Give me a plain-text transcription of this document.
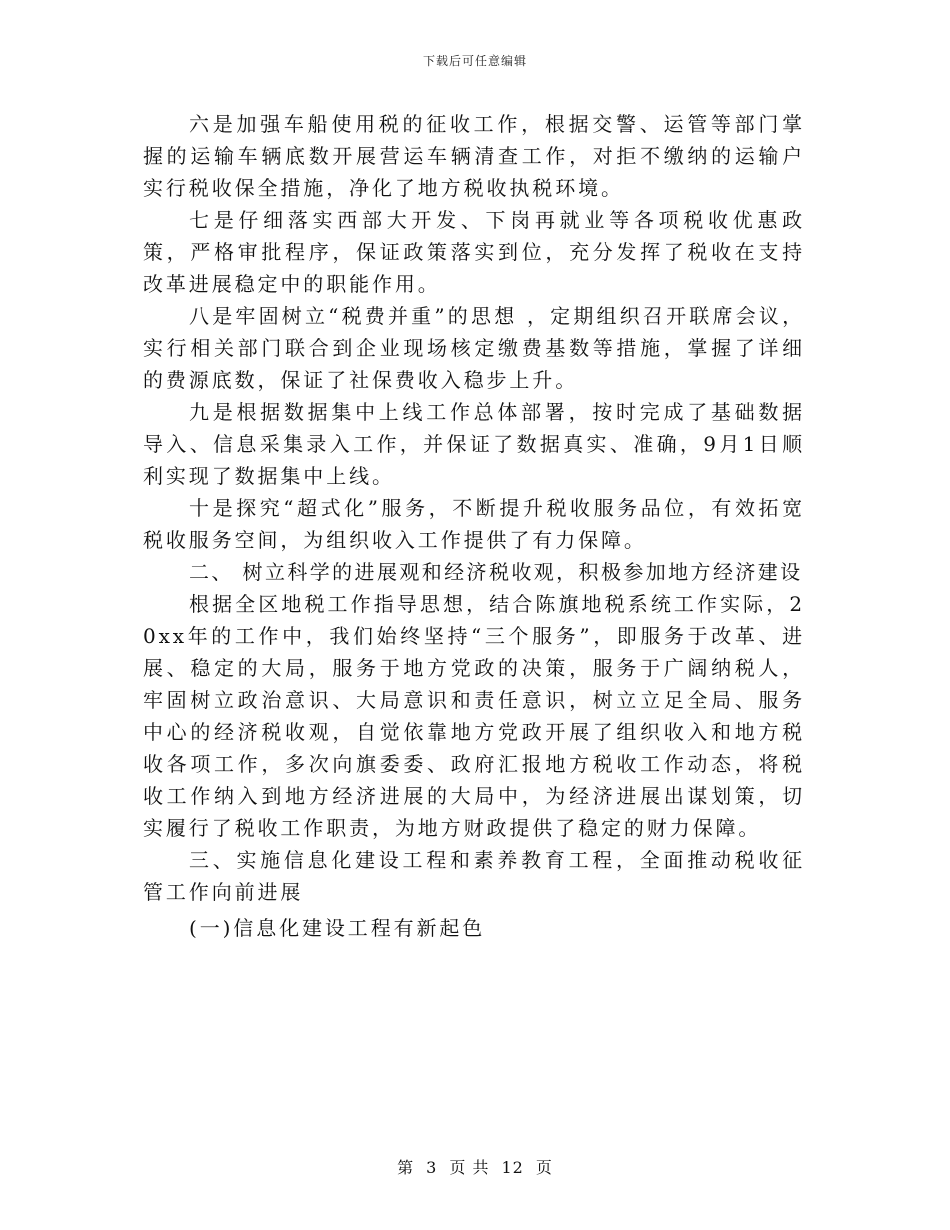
下载后可任意编辑

六是加强车船使用税的征收工作，根据交警、运管等部门掌握的运输车辆底数开展营运车辆清查工作，对拒不缴纳的运输户实行税收保全措施，净化了地方税收执税环境。

七是仔细落实西部大开发、下岗再就业等各项税收优惠政策，严格审批程序，保证政策落实到位，充分发挥了税收在支持改革进展稳定中的职能作用。

八是牢固树立“税费并重”的思想 ，定期组织召开联席会议，实行相关部门联合到企业现场核定缴费基数等措施，掌握了详细的费源底数，保证了社保费收入稳步上升。

九是根据数据集中上线工作总体部署，按时完成了基础数据导入、信息采集录入工作，并保证了数据真实、准确，9月1日顺利实现了数据集中上线。

十是探究“超式化”服务，不断提升税收服务品位，有效拓宽税收服务空间，为组织收入工作提供了有力保障。

二、 树立科学的进展观和经济税收观，积极参加地方经济建设

根据全区地税工作指导思想，结合陈旗地税系统工作实际，20xx年的工作中，我们始终坚持“三个服务”，即服务于改革、进展、稳定的大局，服务于地方党政的决策，服务于广阔纳税人，牢固树立政治意识、大局意识和责任意识，树立立足全局、服务中心的经济税收观，自觉依靠地方党政开展了组织收入和地方税收各项工作，多次向旗委委、政府汇报地方税收工作动态，将税收工作纳入到地方经济进展的大局中，为经济进展出谋划策，切实履行了税收工作职责，为地方财政提供了稳定的财力保障。

三、实施信息化建设工程和素养教育工程，全面推动税收征管工作向前进展

(一)信息化建设工程有新起色

第 3 页 共 12 页
